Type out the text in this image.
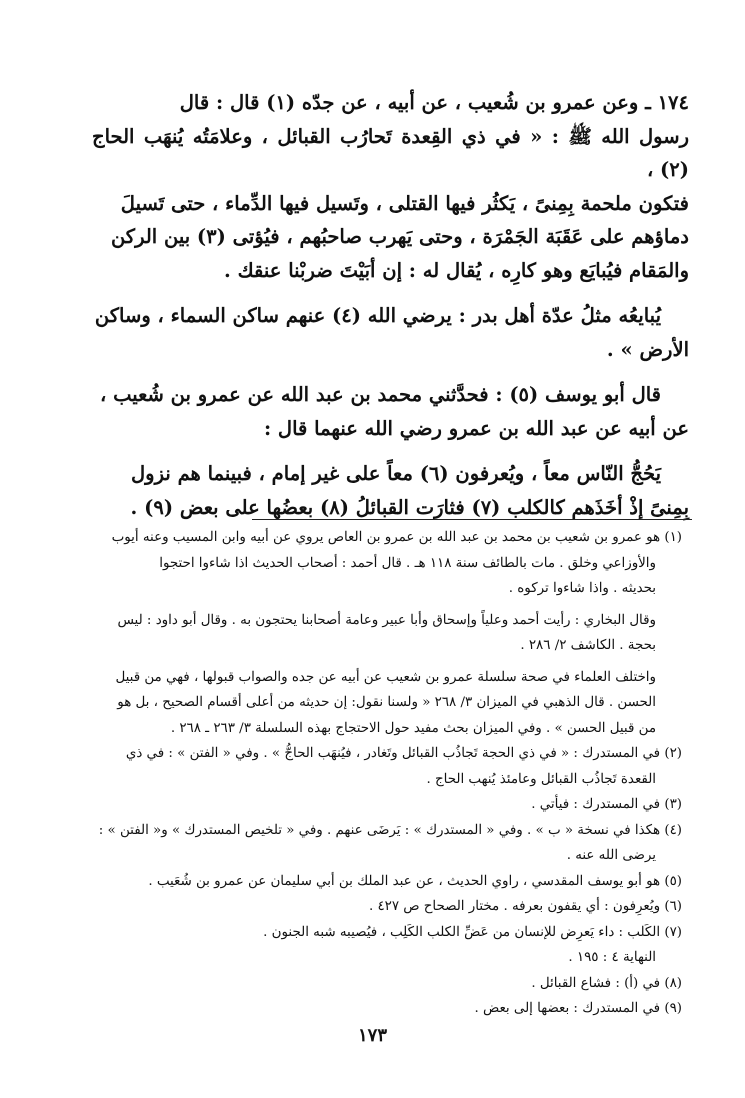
١٧٤ ـ وعن عمرو بن شُعيب ، عن أبيه ، عن جدّه (١) قال : قال

رسول الله ﷺ : « في ذي القِعدة تَحارُب القبائل ، وعلامَتُه يُنهَب الحاج (٢) ،

فتكون ملحمة بِمِنىً ، يَكثُر فيها القتلى ، وتَسيل فيها الدِّماء ، حتى تَسيلَ

دماؤهم على عَقَبَة الجَمْرَة ، وحتى يَهرب صاحبُهم ، فيُؤتى (٣) بين الركن

والمَقام فيُبايَع وهو كارِه ، يُقال له : إن أبَيْتَ ضربْنا عنقك .

يُبايعُه مثلُ عدّة أهل بدر : يرضي الله (٤) عنهم ساكن السماء ، وساكن

الأرض » .

قال أبو يوسف (٥) : فحدَّثني محمد بن عبد الله عن عمرو بن شُعيب ،

عن أبيه عن عبد الله بن عمرو رضي الله عنهما قال :

يَحُجُّ النّاس معاً ، ويُعرفون (٦) معاً على غير إمام ، فبينما هم نزول

بِمِنىً إذْ أخَذَهم كالكلب (٧) فثارَت القبائلُ (٨) بعضُها على بعض (٩) .

(١) هو عمرو بن شعيب بن محمد بن عبد الله بن عمرو بن العاص يروي عن أبيه وابن المسيب وعنه أيوب

والأوزاعي وخلق . مات بالطائف سنة ١١٨ هـ . قال أحمد : أصحاب الحديث اذا شاءوا احتجوا

بحديثه . واذا شاءوا تركوه .

وقال البخاري : رأيت أحمد وعلياً وإسحاق وأبا عبير وعامة أصحابنا يحتجون به . وقال أبو داود : ليس

بحجة . الكاشف ٢/ ٢٨٦ .

واختلف العلماء في صحة سلسلة عمرو بن شعيب عن أبيه عن جده والصواب قبولها ، فهي من قبيل

الحسن . قال الذهبي في الميزان ٣/ ٢٦٨ « ولسنا نقول: إن حديثه من أعلى أقسام الصحيح ، بل هو

من قبيل الحسن » . وفي الميزان بحث مفيد حول الاحتجاج بهذه السلسلة ٣/ ٢٦٣ ـ ٢٦٨ .

(٢) في المستدرك : « في ذي الحجة تَجاذُب القبائل وتَغادر ، فيُنهَب الحاجُّ » . وفي « الفتن » : في ذي

القعدة تَجاذُب القبائل وعامئذ يُنهب الحاج .

(٣) في المستدرك : فيأتي .

(٤) هكذا في نسخة « ب » . وفي « المستدرك » : يَرضَى عنهم . وفي « تلخيص المستدرك » و« الفتن » :

يرضى الله عنه .

(٥) هو أبو يوسف المقدسي ، راوي الحديث ، عن عبد الملك بن أبي سليمان عن عمرو بن شُعَيب .

(٦) ويُعرِفون : أي يقفون بعرفه . مختار الصحاح ص ٤٢٧ .

(٧) الكَلب : داء يَعرِض للإنسان من عَضِّ الكلب الكَلِب ، فيُصيبه شبه الجنون .

النهاية ٤ : ١٩٥ .

(٨) في (أ) : فشاع القبائل .

(٩) في المستدرك : بعضها إلى بعض .

١٧٣
